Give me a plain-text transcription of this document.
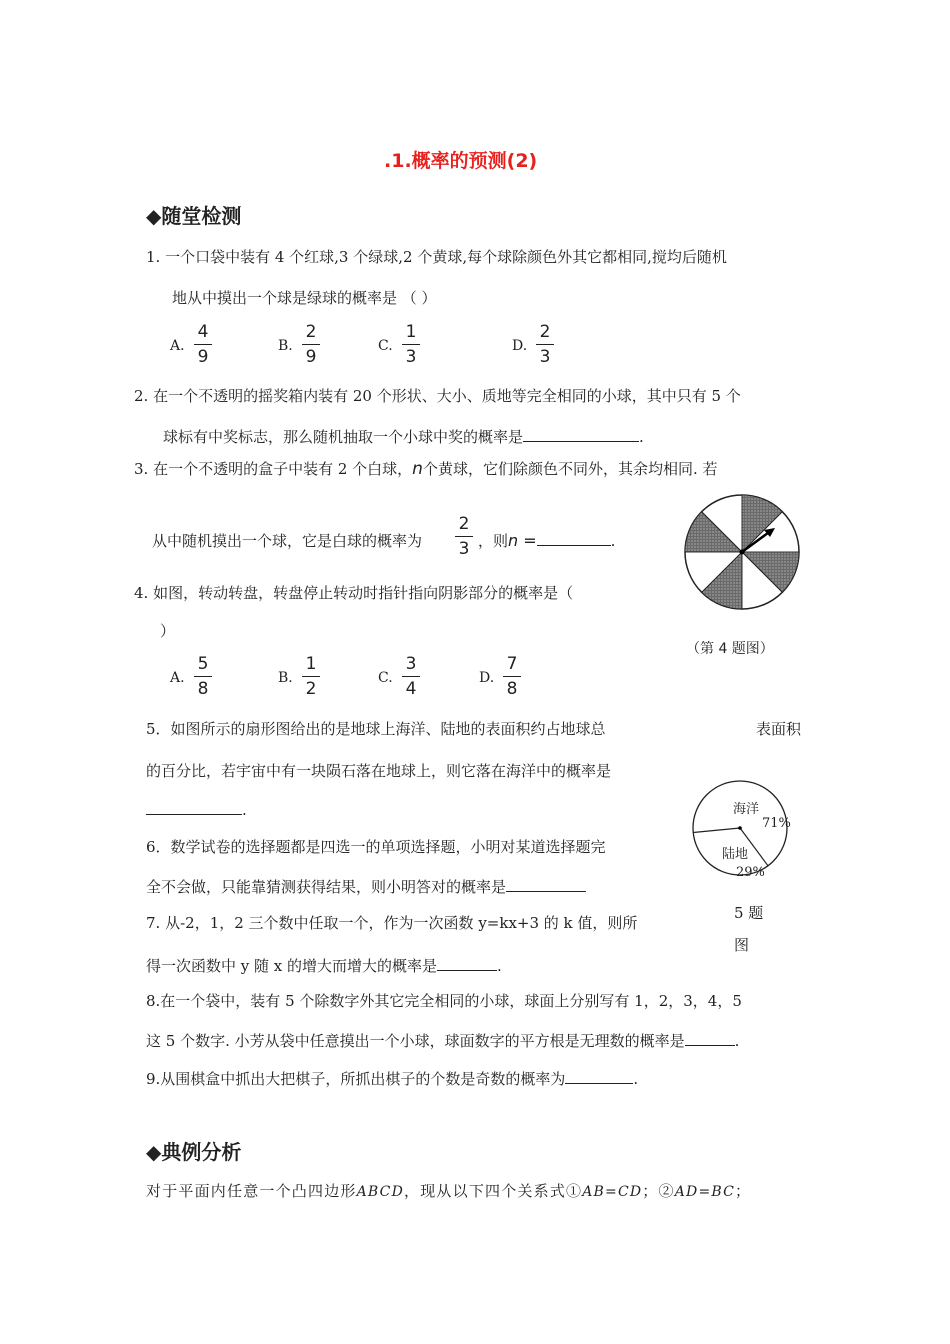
.1.概率的预测(2)
◆随堂检测
1. 一个口袋中装有 4 个红球,3 个绿球,2 个黄球,每个球除颜色外其它都相同,搅均后随机
地从中摸出一个球是绿球的概率是 （ ）
A.
4
9
B.
2
9
C.
1
3
D.
2
3
2. 在一个不透明的摇奖箱内装有 20 个形状、大小、质地等完全相同的小球，其中只有 5 个
球标有中奖标志，那么随机抽取一个小球中奖的概率是	.
3. 在一个不透明的盒子中装有 2 个白球，n个黄球，它们除颜色不同外，其余均相同. 若
从中随机摸出一个球，它是白球的概率为
2
3 ，则n =	.
4. 如图，转动转盘，转盘停止转动时指针指向阴影部分的概率是（
）
（第 4 题图）
A.
5
8
B.
1
2
C.
3
4
D.
7
8
5．如图所示的扇形图给出的是地球上海洋、陆地的表面积约占地球总	表面积
的百分比，若宇宙中有一块陨石落在地球上，则它落在海洋中的概率是
.	海洋
71%
陆地
29%
5 题
图
6．数学试卷的选择题都是四选一的单项选择题，小明对某道选择题完
全不会做，只能靠猜测获得结果，则小明答对的概率是
7. 从-2，1，2 三个数中任取一个，作为一次函数 y=kx+3 的 k 值，则所
得一次函数中 y 随 x 的增大而增大的概率是	.
8.在一个袋中，装有 5 个除数字外其它完全相同的小球，球面上分别写有 1，2，3，4，5
这 5 个数字. 小芳从袋中任意摸出一个小球，球面数字的平方根是无理数的概率是	.
9.从围棋盒中抓出大把棋子，所抓出棋子的个数是奇数的概率为	.
◆典例分析
对于平面内任意一个凸四边形ABCD，现从以下四个关系式①AB=CD；②AD=BC；
